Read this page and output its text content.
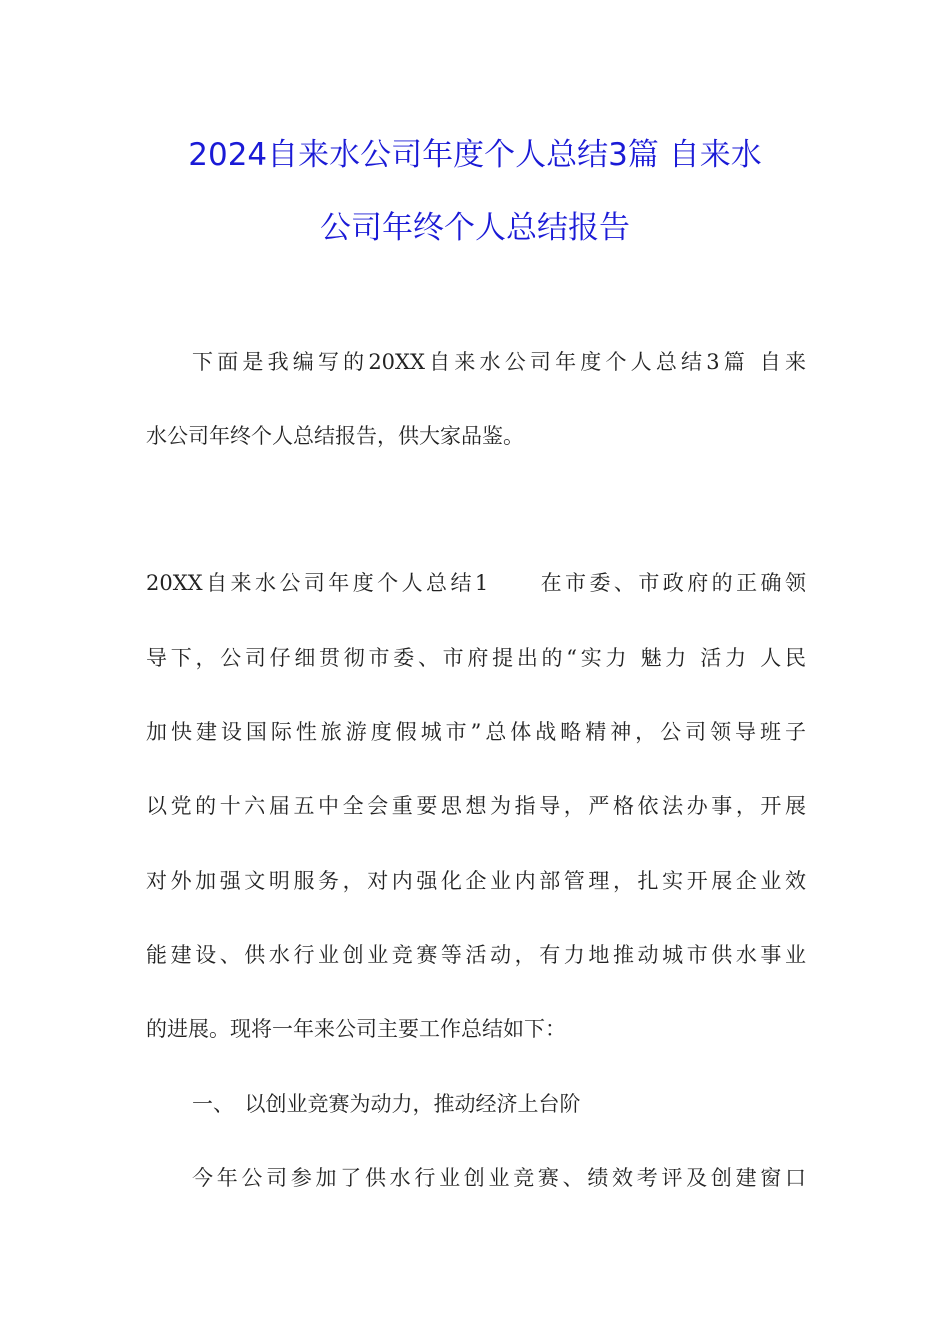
2024自来水公司年度个人总结3篇 自来水
公司年终个人总结报告
下面是我编写的20XX自来水公司年度个人总结3篇 自来
水公司年终个人总结报告，供大家品鉴。
20XX自来水公司年度个人总结1　　在市委、市政府的正确领
导下，公司仔细贯彻市委、市府提出的“实力 魅力 活力 人民
加快建设国际性旅游度假城市”总体战略精神，公司领导班子
以党的十六届五中全会重要思想为指导，严格依法办事，开展
对外加强文明服务，对内强化企业内部管理，扎实开展企业效
能建设、供水行业创业竞赛等活动，有力地推动城市供水事业
的进展。现将一年来公司主要工作总结如下：
一、　以创业竞赛为动力，推动经济上台阶
今年公司参加了供水行业创业竞赛、绩效考评及创建窗口
